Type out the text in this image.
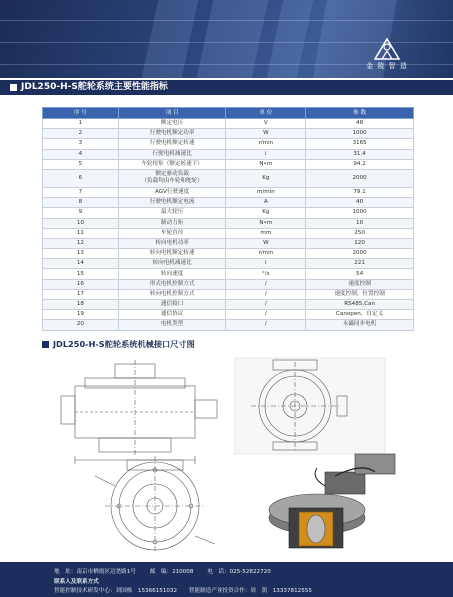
金 陵 智 造
JDL250-H-S舵轮系统主要性能指标
序 号	项 目	单 位	参 数
1	额定电压	V	48
2	行驶电机额定功率	W	1000
3	行驶电机额定转速	r/min	3165
4	行驶电机减速比	i	31.4
5	车轮扭矩（额定转速下）	N•m	94.2
6	额定驱动负载
（负载均由车轮和舵轮）	Kg	2000
7	AGV行驶速度	m/min	79.1
8	行驶电机额定电流	A	40
9	最大轮压	Kg	1000
10	制动力矩	N•m	10
11	车轮直径	mm	250
12	转向电机功率	W	120
13	转向电机额定转速	r/min	2000
14	转向电机减速比	i	221
15	转向速度	°/s	54
16	形式电机控制方式	/	速度控制
17	转向电机控制方式	/	速度控制，位置控制
18	通信接口	/	RS485,Can
19	通信协议	/	Canopen，自定义
20	电机类型	/	永磁同步电机
JDL250-H-S舵轮系统机械接口尺寸图
地　址：南京市栖霞区迈尧路1号 邮　编：210008 电　话：025-52822720
联系人及联系方式
智能控制技术研发中心：刘国栋　15366151032 智能制造产业投资合作：周　凯　13337812555
